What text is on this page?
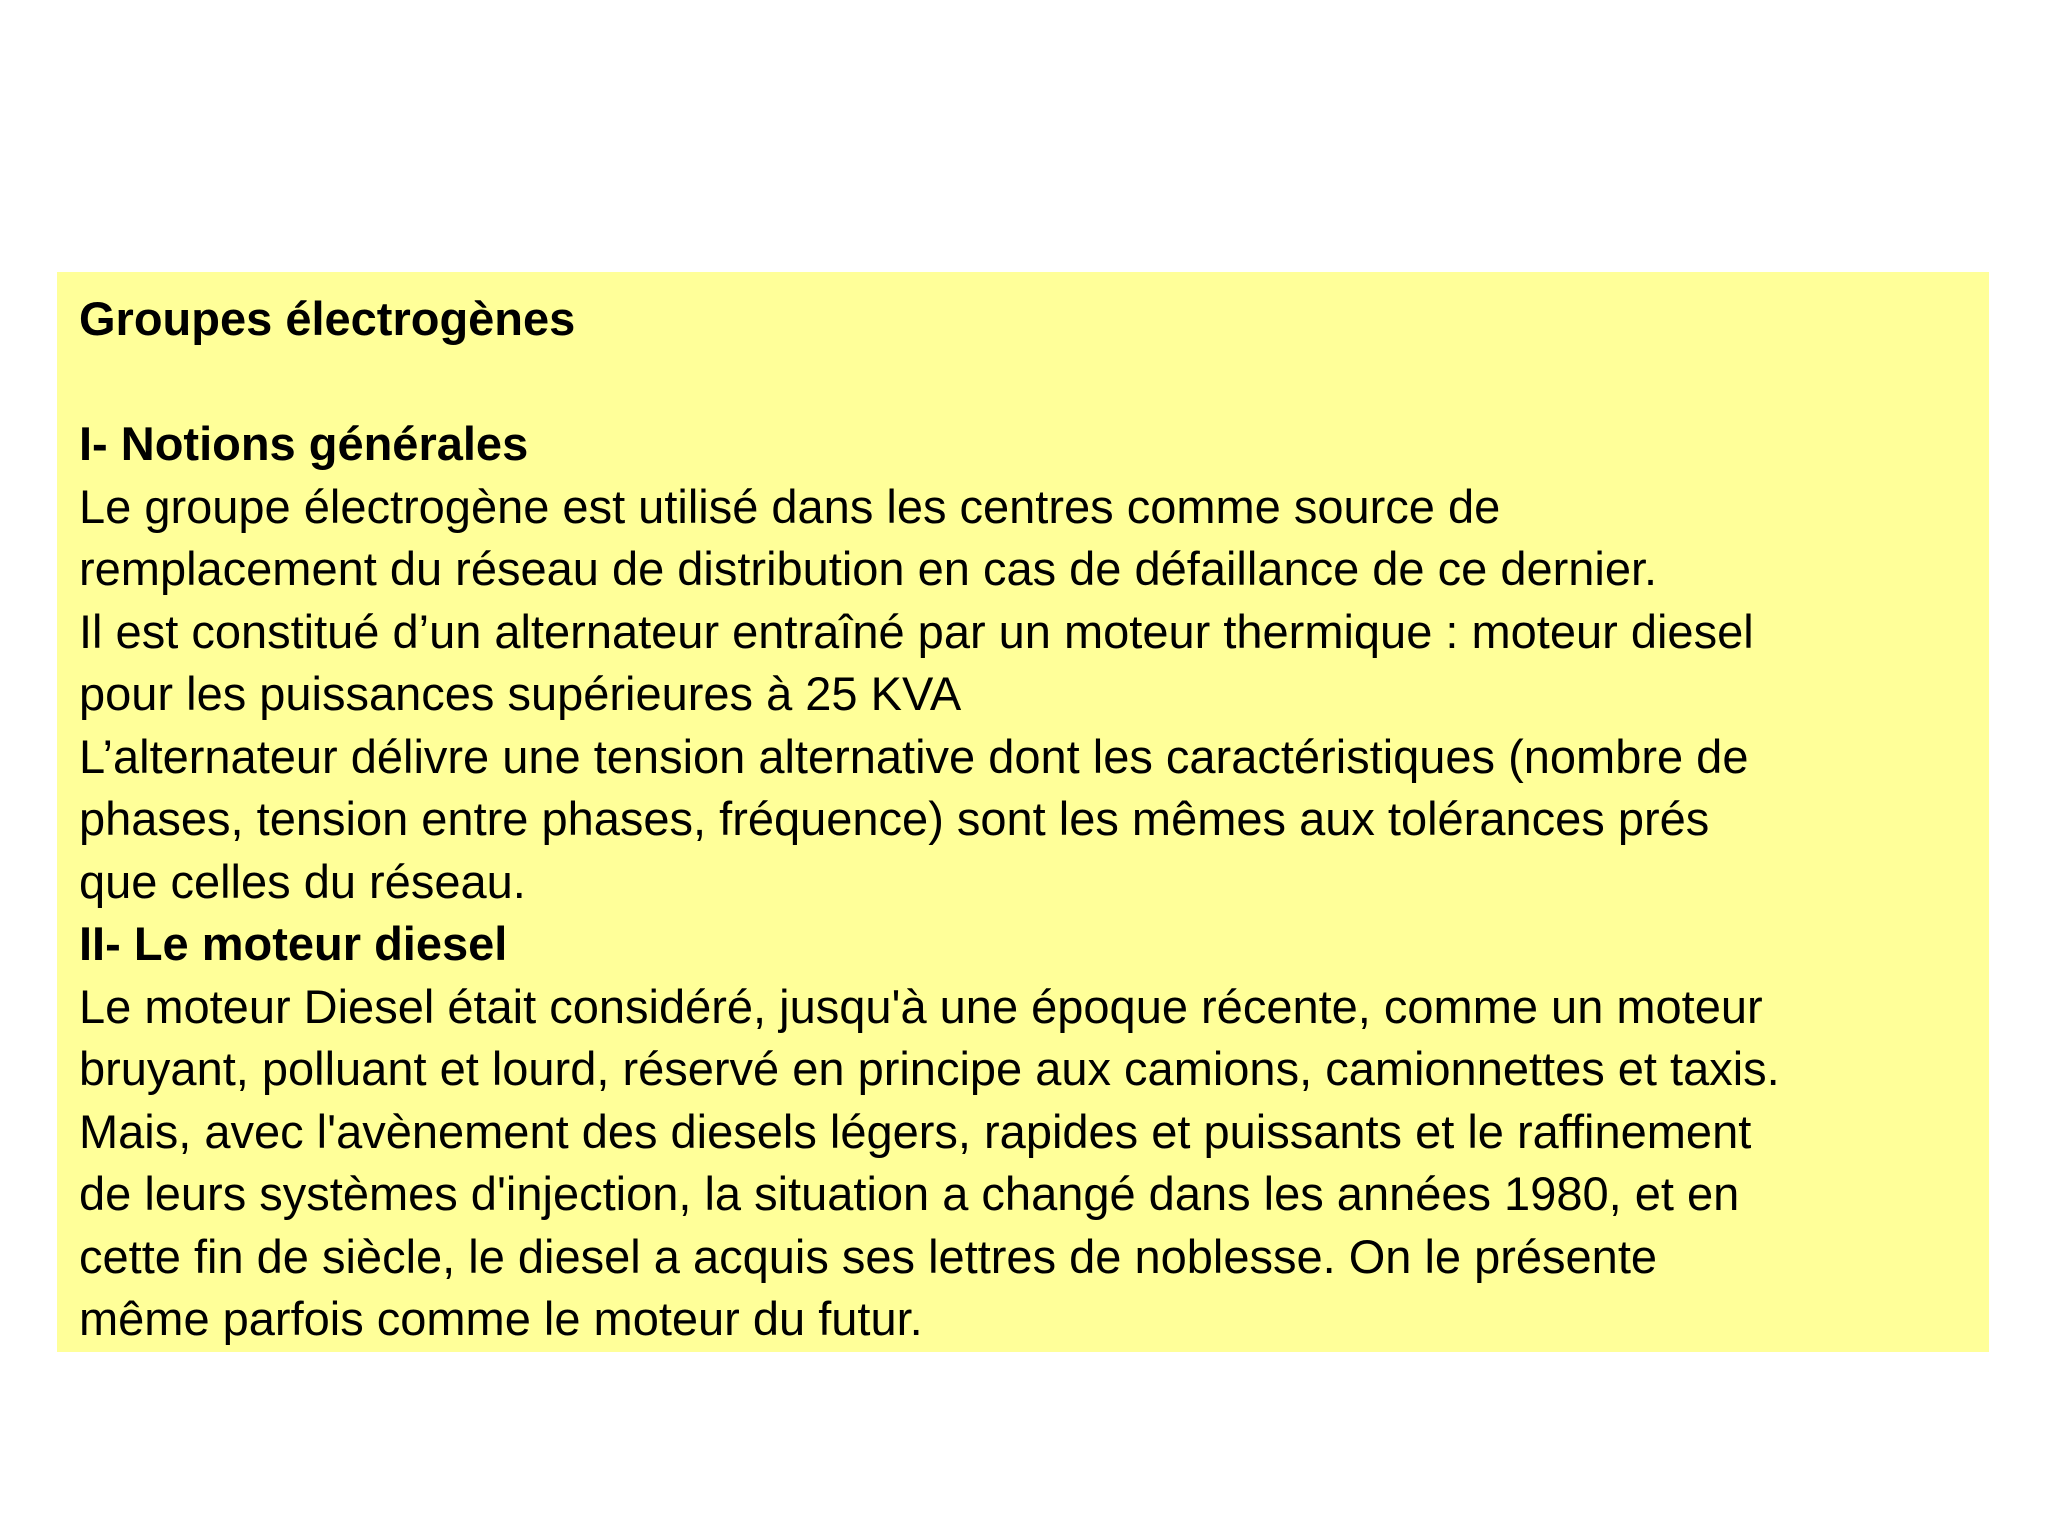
Groupes électrogènes
I- Notions générales
Le groupe électrogène est utilisé dans les centres comme source de
remplacement du réseau de distribution en cas de défaillance de ce dernier.
Il est constitué d’un alternateur entraîné par un moteur thermique : moteur diesel
pour les puissances supérieures à 25 KVA
L’alternateur délivre une tension alternative dont les caractéristiques (nombre de
phases, tension entre phases, fréquence) sont les mêmes aux tolérances prés
que celles du réseau.
II- Le moteur diesel
Le moteur Diesel était considéré, jusqu'à une époque récente, comme un moteur
bruyant, polluant et lourd, réservé en principe aux camions, camionnettes et taxis.
Mais, avec l'avènement des diesels légers, rapides et puissants et le raffinement
de leurs systèmes d'injection, la situation a changé dans les années 1980, et en
cette fin de siècle, le diesel a acquis ses lettres de noblesse. On le présente
même parfois comme le moteur du futur.
